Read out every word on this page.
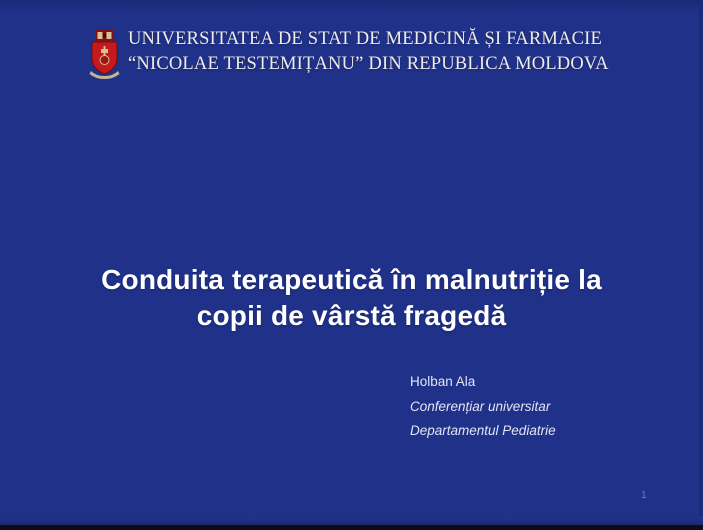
UNIVERSITATEA DE STAT DE MEDICINĂ ȘI FARMACIE
“NICOLAE TESTEMIȚANU” DIN REPUBLICA MOLDOVA
Conduita terapeutică în malnutriție la
copii de vârstă fragedă
Holban Ala
Conferențiar universitar
Departamentul Pediatrie
1
